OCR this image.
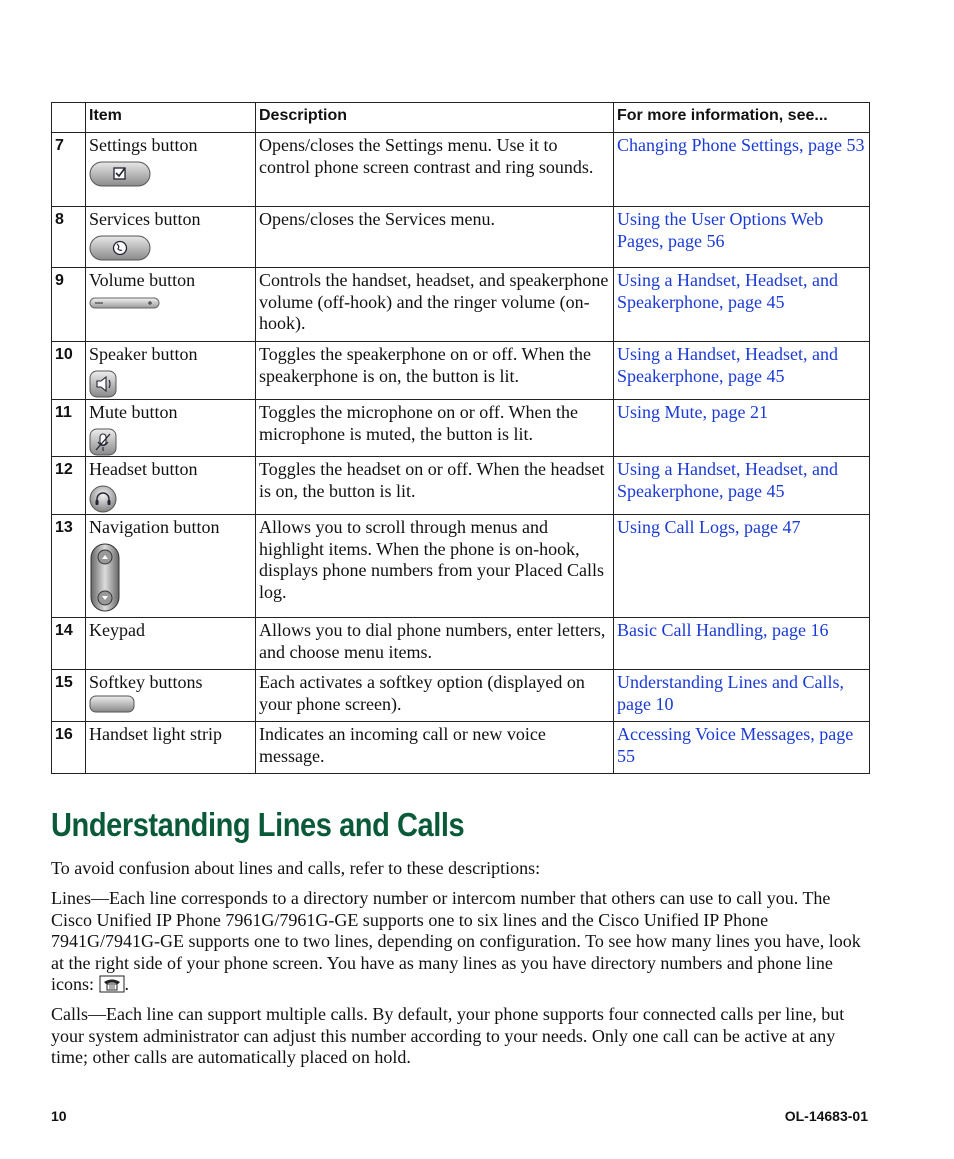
	Item	Description	For more information, see...
7	Settings button	Opens/closes the Settings menu. Use it to control phone screen contrast and ring sounds.	Changing Phone Settings, page 53
8	Services button	Opens/closes the Services menu.	Using the User Options Web Pages, page 56
9	Volume button	Controls the handset, headset, and speakerphone volume (off-hook) and the ringer volume (on-hook).	Using a Handset, Headset, and Speakerphone, page 45
10	Speaker button	Toggles the speakerphone on or off. When the speakerphone is on, the button is lit.	Using a Handset, Headset, and Speakerphone, page 45
11	Mute button	Toggles the microphone on or off. When the microphone is muted, the button is lit.	Using Mute, page 21
12	Headset button	Toggles the headset on or off. When the headset is on, the button is lit.	Using a Handset, Headset, and Speakerphone, page 45
13	Navigation button	Allows you to scroll through menus and highlight items. When the phone is on-hook, displays phone numbers from your Placed Calls log.	Using Call Logs, page 47
14	Keypad	Allows you to dial phone numbers, enter letters, and choose menu items.	Basic Call Handling, page 16
15	Softkey buttons	Each activates a softkey option (displayed on your phone screen).	Understanding Lines and Calls, page 10
16	Handset light strip	Indicates an incoming call or new voice message.	Accessing Voice Messages, page 55
Understanding Lines and Calls

To avoid confusion about lines and calls, refer to these descriptions:

Lines—Each line corresponds to a directory number or intercom number that others can use to call you. The Cisco Unified IP Phone 7961G/7961G-GE supports one to six lines and the Cisco Unified IP Phone 7941G/7941G-GE supports one to two lines, depending on configuration. To see how many lines you have, look at the right side of your phone screen. You have as many lines as you have directory numbers and phone line icons: .

Calls—Each line can support multiple calls. By default, your phone supports four connected calls per line, but your system administrator can adjust this number according to your needs. Only one call can be active at any time; other calls are automatically placed on hold.

10	OL-14683-01
